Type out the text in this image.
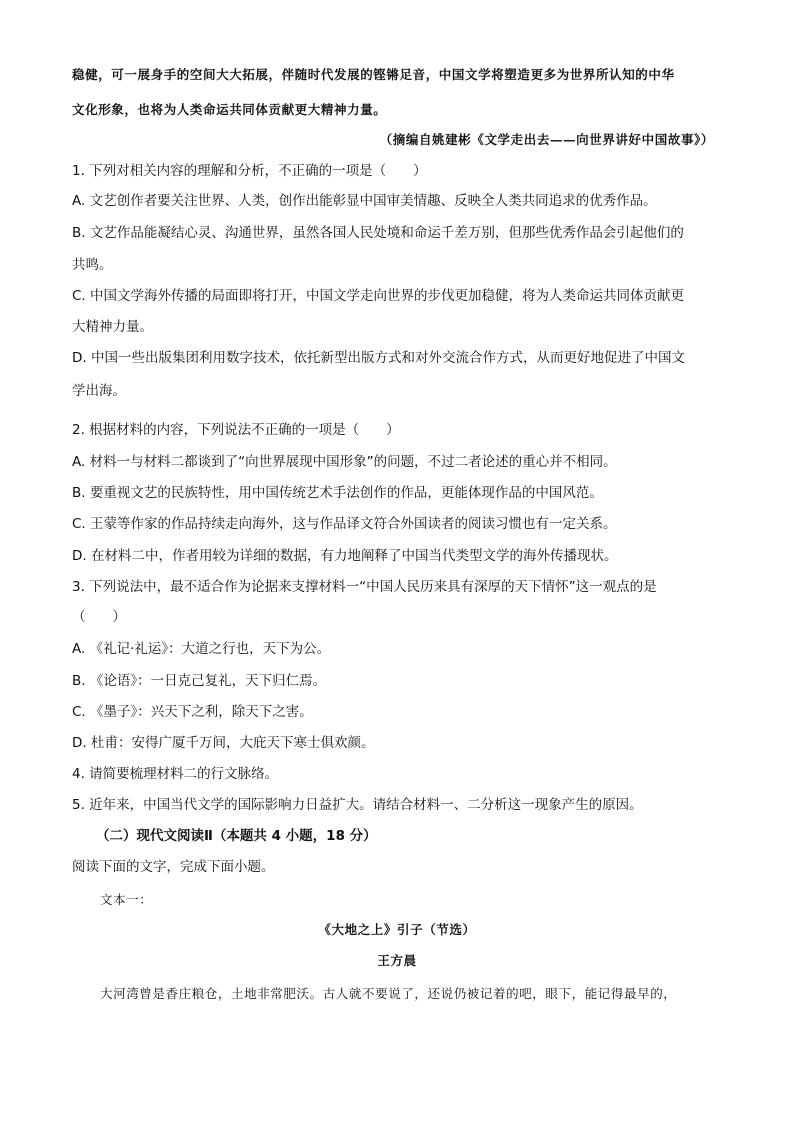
稳健，可一展身手的空间大大拓展，伴随时代发展的铿锵足音，中国文学将塑造更多为世界所认知的中华
文化形象，也将为人类命运共同体贡献更大精神力量。
（摘编自姚建彬《文学走出去——向世界讲好中国故事》）
1. 下列对相关内容的理解和分析，不正确的一项是（　　）
A. 文艺创作者要关注世界、人类，创作出能彰显中国审美情趣、反映全人类共同追求的优秀作品。
B. 文艺作品能凝结心灵、沟通世界，虽然各国人民处境和命运千差万别，但那些优秀作品会引起他们的
共鸣。
C. 中国文学海外传播的局面即将打开，中国文学走向世界的步伐更加稳健，将为人类命运共同体贡献更
大精神力量。
D. 中国一些出版集团利用数字技术，依托新型出版方式和对外交流合作方式，从而更好地促进了中国文
学出海。
2. 根据材料的内容，下列说法不正确的一项是（　　）
A. 材料一与材料二都谈到了“向世界展现中国形象”的问题，不过二者论述的重心并不相同。
B. 要重视文艺的民族特性，用中国传统艺术手法创作的作品，更能体现作品的中国风范。
C. 王蒙等作家的作品持续走向海外，这与作品译文符合外国读者的阅读习惯也有一定关系。
D. 在材料二中，作者用较为详细的数据，有力地阐释了中国当代类型文学的海外传播现状。
3. 下列说法中，最不适合作为论据来支撑材料一“中国人民历来具有深厚的天下情怀”这一观点的是
（　　）
A. 《礼记·礼运》：大道之行也，天下为公。
B. 《论语》：一日克己复礼，天下归仁焉。
C. 《墨子》：兴天下之利，除天下之害。
D. 杜甫：安得广厦千万间，大庇天下寒士俱欢颜。
4. 请简要梳理材料二的行文脉络。
5. 近年来，中国当代文学的国际影响力日益扩大。请结合材料一、二分析这一现象产生的原因。
（二）现代文阅读Ⅱ（本题共 4 小题，18 分）
阅读下面的文字，完成下面小题。
文本一：
《大地之上》引子（节选）
王方晨
大河湾曾是香庄粮仓，土地非常肥沃。古人就不要说了，还说仍被记着的吧，眼下，能记得最早的，
